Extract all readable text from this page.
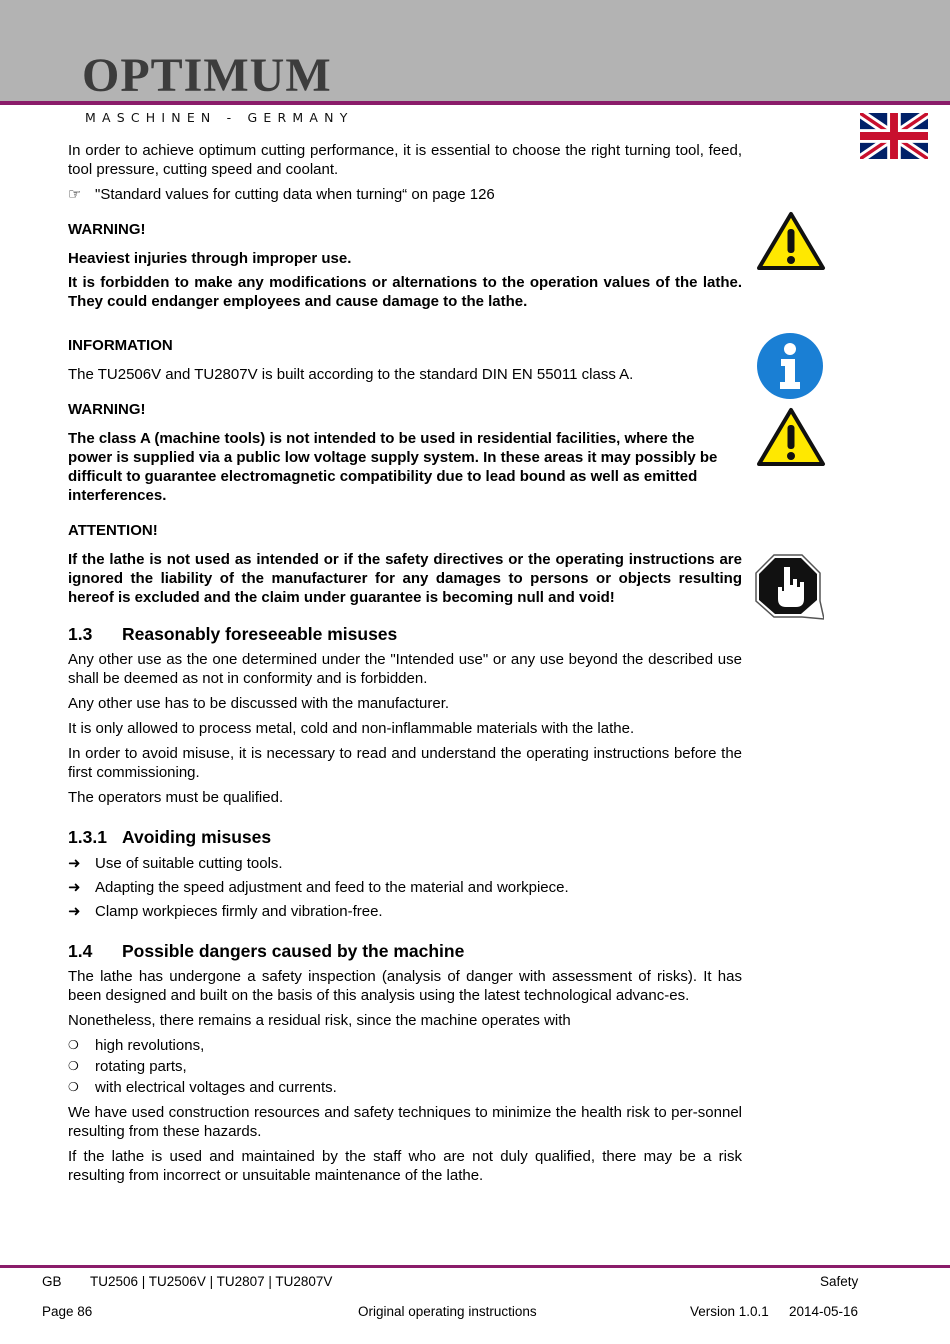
OPTIMUM
MASCHINEN - GERMANY

In order to achieve optimum cutting performance, it is essential to choose the right turning tool, feed, tool pressure, cutting speed and coolant.

☞ "Standard values for cutting data when turning“ on page 126

WARNING!

Heaviest injuries through improper use.

It is forbidden to make any modifications or alternations to the operation values of the lathe. They could endanger employees and cause damage to the lathe.

INFORMATION

The TU2506V and TU2807V is built according to the standard DIN EN 55011 class A.

WARNING!

The class A (machine tools) is not intended to be used in residential facilities, where the power is supplied via a public low voltage supply system. In these areas it may possibly be difficult to guarantee electromagnetic compatibility due to lead bound as well as emitted interferences.

ATTENTION!

If the lathe is not used as intended or if the safety directives or the operating instructions are ignored the liability of the manufacturer for any damages to persons or objects resulting hereof is excluded and the claim under guarantee is becoming null and void!

1.3 Reasonably foreseeable misuses

Any other use as the one determined under the "Intended use" or any use beyond the described use shall be deemed as not in conformity and is forbidden.

Any other use has to be discussed with the manufacturer.

It is only allowed to process metal, cold and non-inflammable materials with the lathe.

In order to avoid misuse, it is necessary to read and understand the operating instructions before the first commissioning.

The operators must be qualified.

1.3.1 Avoiding misuses

➜ Use of suitable cutting tools.

➜ Adapting the speed adjustment and feed to the material and workpiece.

➜ Clamp workpieces firmly and vibration-free.

1.4 Possible dangers caused by the machine

The lathe has undergone a safety inspection (analysis of danger with assessment of risks). It has been designed and built on the basis of this analysis using the latest technological advanc-es.

Nonetheless, there remains a residual risk, since the machine operates with

❍ high revolutions,

❍ rotating parts,

❍ with electrical voltages and currents.

We have used construction resources and safety techniques to minimize the health risk to per-sonnel resulting from these hazards.

If the lathe is used and maintained by the staff who are not duly qualified, there may be a risk resulting from incorrect or unsuitable maintenance of the lathe.

GB TU2506 | TU2506V | TU2807 | TU2807V	Safety
Page 86	Original operating instructions	Version 1.0.1 2014-05-16
